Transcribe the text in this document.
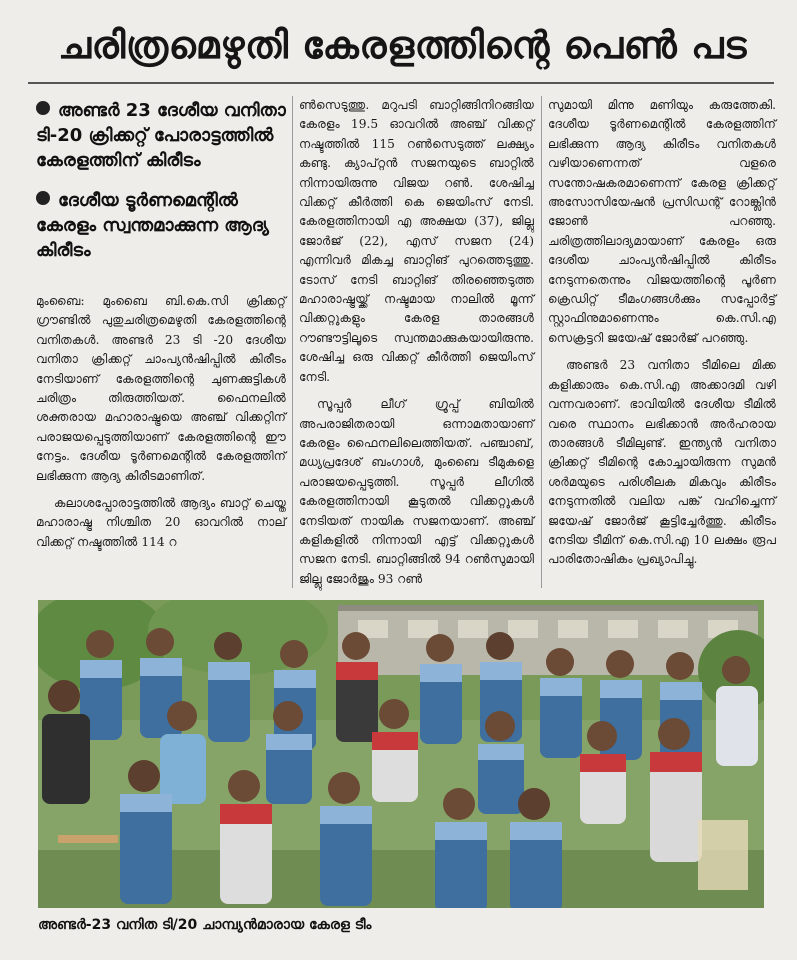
ചരിത്രമെഴുതി കേരളത്തിന്റെ പെൺ പട
അണ്ടർ 23 ദേശീയ വനിതാ ടി-20 ക്രിക്കറ്റ് പോരാട്ടത്തിൽ കേരളത്തിന് കിരീടം
ദേശീയ ടൂർണമെന്റിൽ കേരളം സ്വന്തമാക്കുന്ന ആദ്യ കിരീടം

മുംബൈ: മുംബൈ ബി.കെ.സി ക്രിക്കറ്റ് ഗ്രൗണ്ടിൽ പുതുചരിത്രമെഴുതി കേരളത്തിന്റെ വനിതകൾ. അണ്ടർ 23 ടി -20 ദേശീയ വനിതാ ക്രിക്കറ്റ് ചാംപ്യൻഷിപ്പിൽ കിരീടം നേടിയാണ് കേരളത്തിന്റെ ചുണക്കുട്ടികൾ ചരിത്രം തിരുത്തിയത്. ഫൈനലിൽ ശക്തരായ മഹാരാഷ്ട്രയെ അഞ്ച് വിക്കറ്റിന് പരാജയപ്പെടുത്തിയാണ് കേരളത്തിന്റെ ഈ നേട്ടം. ദേശീയ ടൂർണമെന്റിൽ കേരളത്തിന് ലഭിക്കുന്ന ആദ്യ കിരീടമാണിത്.

കലാശപ്പോരാട്ടത്തിൽ ആദ്യം ബാറ്റ് ചെയ്ത മഹാരാഷ്ട്ര നിശ്ചിത 20 ഓവറിൽ നാല് വിക്കറ്റ് നഷ്ടത്തിൽ 114 റ

ൺസെടുത്തു. മറുപടി ബാറ്റിങ്ങിനിറങ്ങിയ കേരളം 19.5 ഓവറിൽ അഞ്ച് വിക്കറ്റ് നഷ്ടത്തിൽ 115 റൺസെടുത്ത് ലക്ഷ്യം കണ്ടു. ക്യാപ്റ്റൻ സജനയുടെ ബാറ്റിൽ നിന്നായിരുന്നു വിജയ റൺ. ശേഷിച്ച വിക്കറ്റ് കീർത്തി കെ ജെയിംസ് നേടി. കേരളത്തിനായി എ അക്ഷയ (37), ജില്ലു ജോർജ് (22), എസ് സജന (24) എന്നിവർ മികച്ച ബാറ്റിങ് പുറത്തെടുത്തു. ടോസ് നേടി ബാറ്റിങ് തിരഞ്ഞെടുത്ത മഹാരാഷ്ട്രയ്ക്ക് നഷ്ടമായ നാലിൽ മൂന്ന് വിക്കറ്റുകളും കേരള താരങ്ങൾ റൗണ്ടൗട്ടിലൂടെ സ്വന്തമാക്കുകയായിരുന്നു. ശേഷിച്ച ഒരു വിക്കറ്റ് കീർത്തി ജെയിംസ് നേടി.

സൂപ്പർ ലീഗ് ഗ്രൂപ്പ് ബിയിൽ അപരാജിതരായി ഒന്നാമതായാണ് കേരളം ഫൈനലിലെത്തിയത്. പഞ്ചാബ്, മധ്യപ്രദേശ് ബംഗാൾ, മുംബൈ ടീമുകളെ പരാജയപ്പെടുത്തി. സൂപ്പർ ലീഗിൽ കേരളത്തിനായി കൂടുതൽ വിക്കറ്റുകൾ നേടിയത് നായിക സജനയാണ്. അഞ്ച് കളികളിൽ നിന്നായി എട്ട് വിക്കറ്റുകൾ സജന നേടി. ബാറ്റിങ്ങിൽ 94 റൺസുമായി ജില്ലു ജോർജും 93 റൺ

സുമായി മിന്നു മണിയും കരുത്തേകി. ദേശീയ ടൂർണമെന്റിൽ കേരളത്തിന് ലഭിക്കുന്ന ആദ്യ കിരീടം വനിതകൾ വഴിയാണെന്നത് വളരെ സന്തോഷകരമാണെന്ന് കേരള ക്രിക്കറ്റ് അസോസിയേഷൻ പ്രസിഡന്റ് റോങ്ക്ലിൻ ജോൺ പറഞ്ഞു. ചരിത്രത്തിലാദ്യമായാണ് കേരളം ഒരു ദേശീയ ചാംപ്യൻഷിപ്പിൽ കിരീടം നേടുന്നതെന്നും വിജയത്തിന്റെ പൂർണ ക്രെഡിറ്റ് ടീമംഗങ്ങൾക്കും സപ്പോർട്ട് സ്റ്റാഫിനുമാണെന്നും കെ.സി.എ സെക്രട്ടറി ജയേഷ് ജോർജ് പറഞ്ഞു.

അണ്ടർ 23 വനിതാ ടീമിലെ മിക്ക കളിക്കാരും കെ.സി.എ അക്കാദമി വഴി വന്നവരാണ്. ഭാവിയിൽ ദേശീയ ടീമിൽ വരെ സ്ഥാനം ലഭിക്കാൻ അർഹരായ താരങ്ങൾ ടീമിലുണ്ട്. ഇന്ത്യൻ വനിതാ ക്രിക്കറ്റ് ടീമിന്റെ കോച്ചായിരുന്ന സുമൻ ശർമയുടെ പരിശീലക മികവും കിരീടം നേടുന്നതിൽ വലിയ പങ്ക് വഹിച്ചെന്ന് ജയേഷ് ജോർജ് കൂട്ടിച്ചേർത്തു. കിരീടം നേടിയ ടീമിന് കെ.സി.എ 10 ലക്ഷം രൂപ പാരിതോഷികം പ്രഖ്യാപിച്ചു.

അണ്ടർ-23 വനിത ടി/20 ചാമ്പ്യൻമാരായ കേരള ടീം
